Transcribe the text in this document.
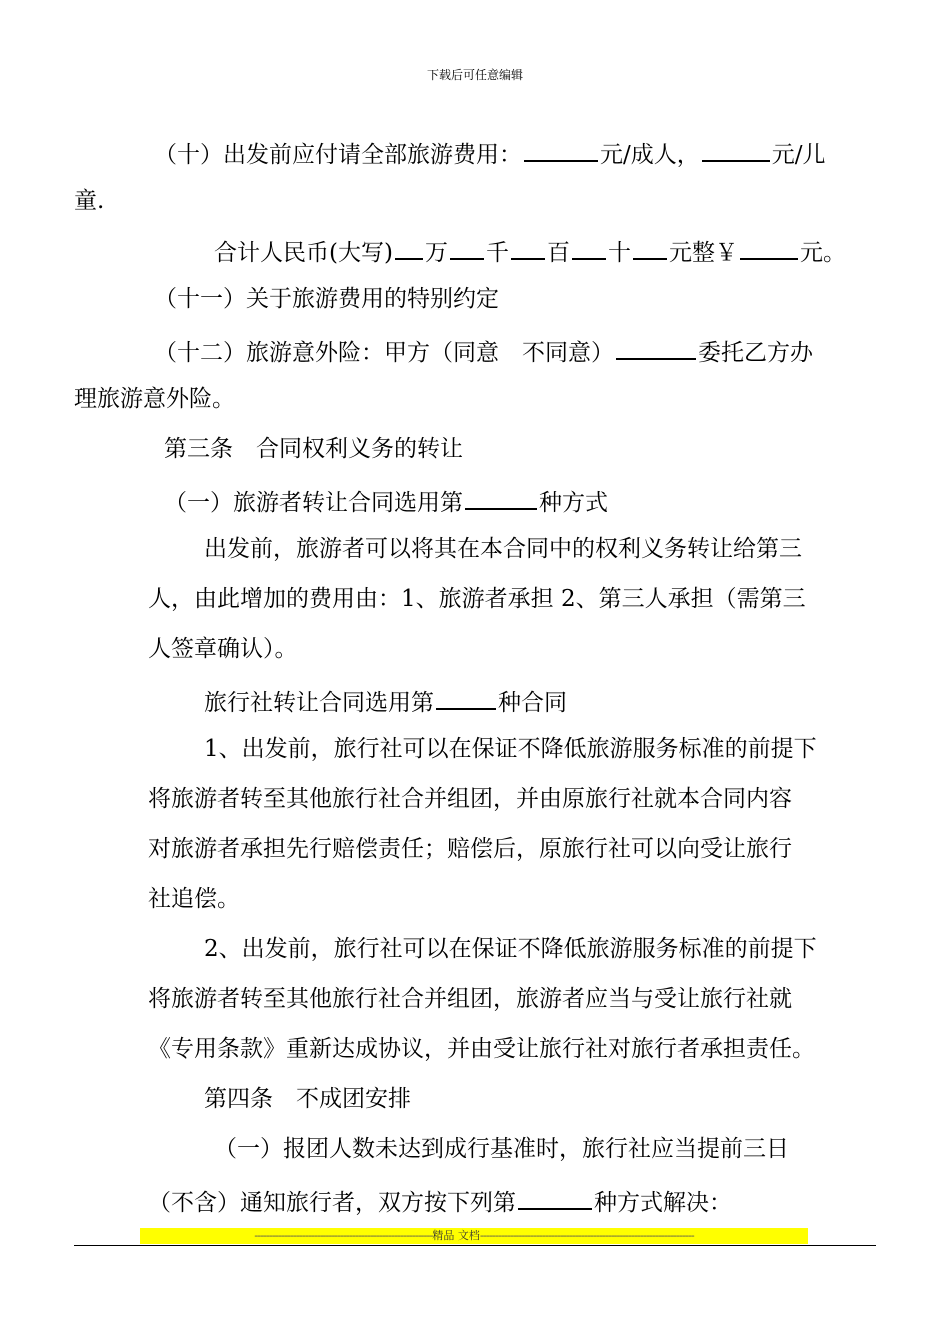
下载后可任意编辑
（十）出发前应付请全部旅游费用：	元/成人，	元/儿
童.
合计人民币(大写) 万 千 百 十 元整￥	元。
（十一）关于旅游费用的特别约定
（十二）旅游意外险：甲方（同意　不同意）	委托乙方办
理旅游意外险。
第三条　合同权利义务的转让
（一）旅游者转让合同选用第	种方式
出发前，旅游者可以将其在本合同中的权利义务转让给第三
人，由此增加的费用由：1、旅游者承担 2、第三人承担（需第三
人签章确认）。
旅行社转让合同选用第	种合同
1、出发前，旅行社可以在保证不降低旅游服务标准的前提下
将旅游者转至其他旅行社合并组团，并由原旅行社就本合同内容
对旅游者承担先行赔偿责任；赔偿后，原旅行社可以向受让旅行
社追偿。
2、出发前，旅行社可以在保证不降低旅游服务标准的前提下
将旅游者转至其他旅行社合并组团，旅游者应当与受让旅行社就
《专用条款》重新达成协议，并由受让旅行社对旅行者承担责任。
第四条　不成团安排
（一）报团人数未达到成行基准时，旅行社应当提前三日
（不含）通知旅行者，双方按下列第	种方式解决：
------------------------------------------------------------精品 文档------------------------------------------------------------------------
